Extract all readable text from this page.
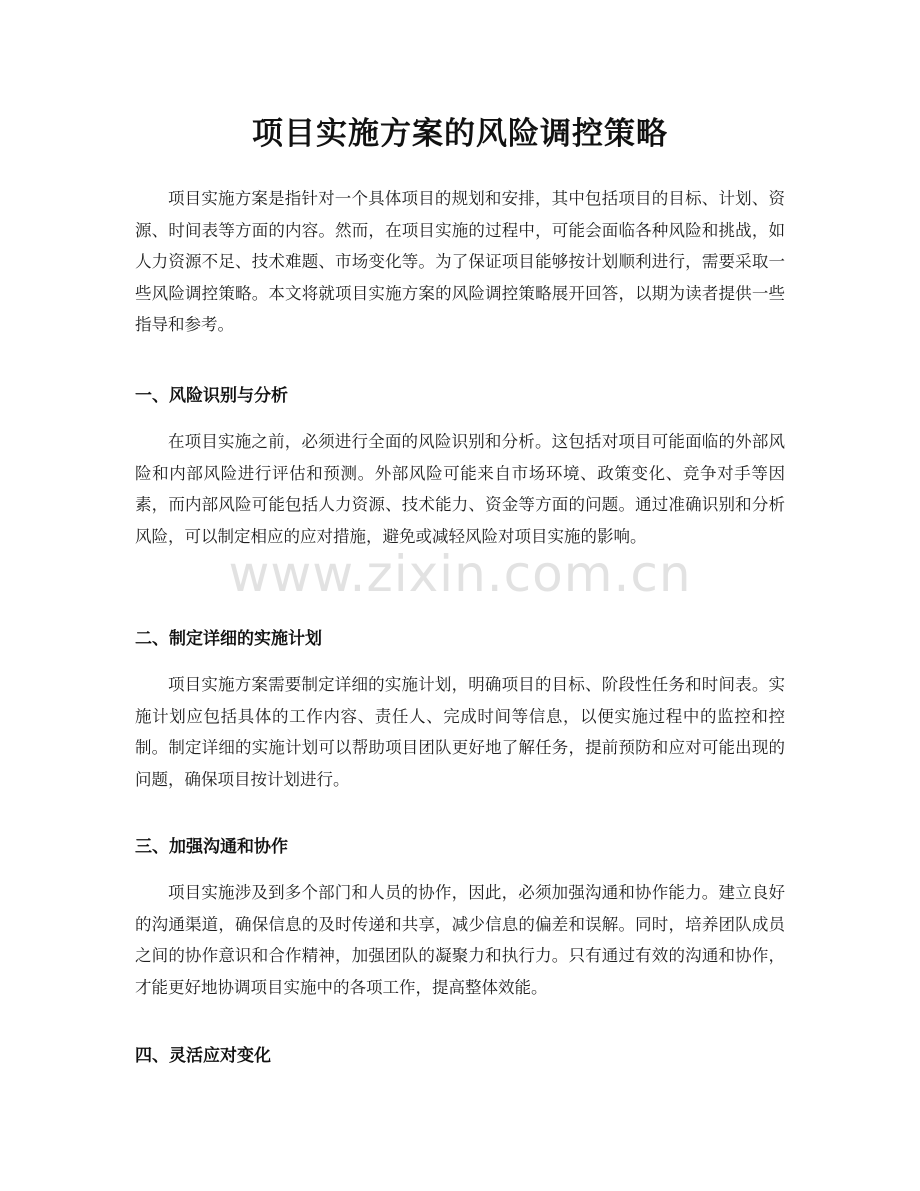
项目实施方案的风险调控策略

项目实施方案是指针对一个具体项目的规划和安排，其中包括项目的目标、计划、资源、时间表等方面的内容。然而，在项目实施的过程中，可能会面临各种风险和挑战，如人力资源不足、技术难题、市场变化等。为了保证项目能够按计划顺利进行，需要采取一些风险调控策略。本文将就项目实施方案的风险调控策略展开回答，以期为读者提供一些指导和参考。

一、风险识别与分析

在项目实施之前，必须进行全面的风险识别和分析。这包括对项目可能面临的外部风险和内部风险进行评估和预测。外部风险可能来自市场环境、政策变化、竞争对手等因素，而内部风险可能包括人力资源、技术能力、资金等方面的问题。通过准确识别和分析风险，可以制定相应的应对措施，避免或减轻风险对项目实施的影响。

二、制定详细的实施计划

项目实施方案需要制定详细的实施计划，明确项目的目标、阶段性任务和时间表。实施计划应包括具体的工作内容、责任人、完成时间等信息，以便实施过程中的监控和控制。制定详细的实施计划可以帮助项目团队更好地了解任务，提前预防和应对可能出现的问题，确保项目按计划进行。

三、加强沟通和协作

项目实施涉及到多个部门和人员的协作，因此，必须加强沟通和协作能力。建立良好的沟通渠道，确保信息的及时传递和共享，减少信息的偏差和误解。同时，培养团队成员之间的协作意识和合作精神，加强团队的凝聚力和执行力。只有通过有效的沟通和协作，才能更好地协调项目实施中的各项工作，提高整体效能。

四、灵活应对变化
www.zixin.com.cn
